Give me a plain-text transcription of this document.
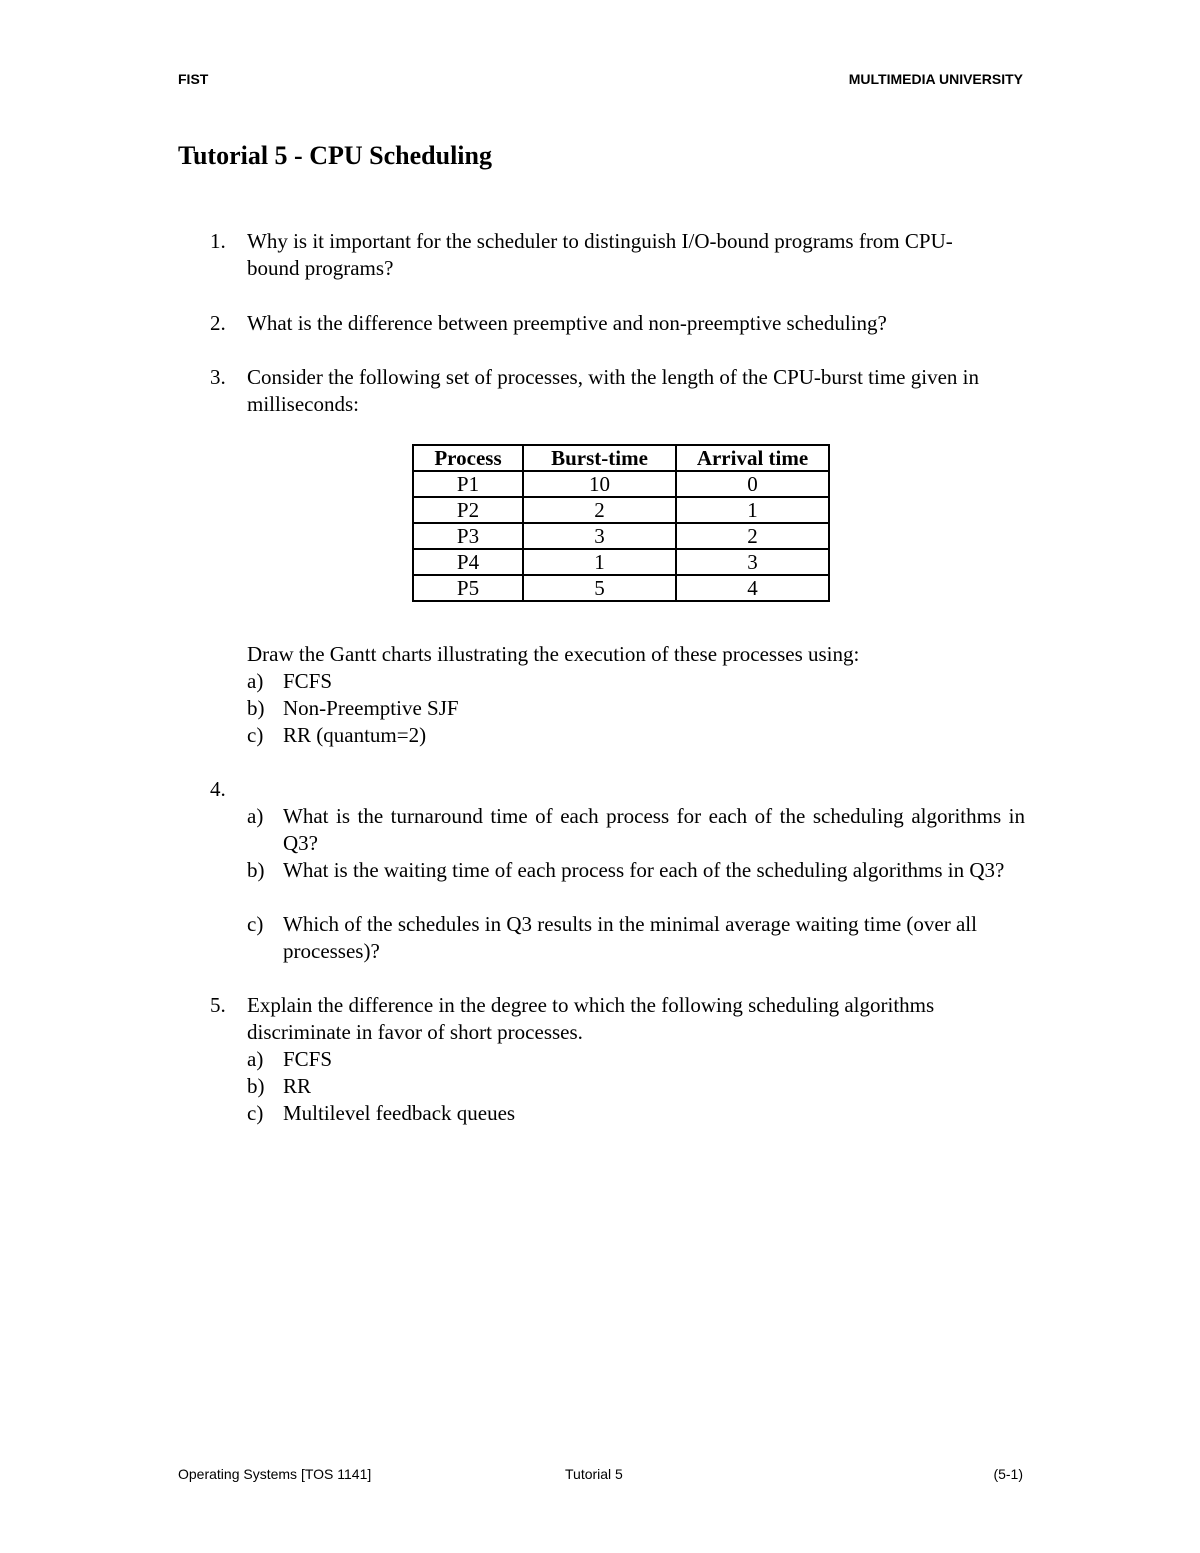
FIST	MULTIMEDIA UNIVERSITY
Tutorial 5 - CPU Scheduling
1.	Why is it important for the scheduler to distinguish I/O-bound programs from CPU-bound programs?
2.	What is the difference between preemptive and non-preemptive scheduling?
3.	Consider the following set of processes, with the length of the CPU-burst time given in milliseconds:
Process	Burst-time	Arrival time
P1	10	0
P2	2	1
P3	3	2
P4	1	3
P5	5	4
Draw the Gantt charts illustrating the execution of these processes using:
a) FCFS
b) Non-Preemptive SJF
c) RR (quantum=2)
4.
a) What is the turnaround time of each process for each of the scheduling algorithms in Q3?
b) What is the waiting time of each process for each of the scheduling algorithms in Q3?
c) Which of the schedules in Q3 results in the minimal average waiting time (over all processes)?
5.	Explain the difference in the degree to which the following scheduling algorithms discriminate in favor of short processes.
a) FCFS
b) RR
c) Multilevel feedback queues
Operating Systems [TOS 1141]	Tutorial 5	(5-1)
